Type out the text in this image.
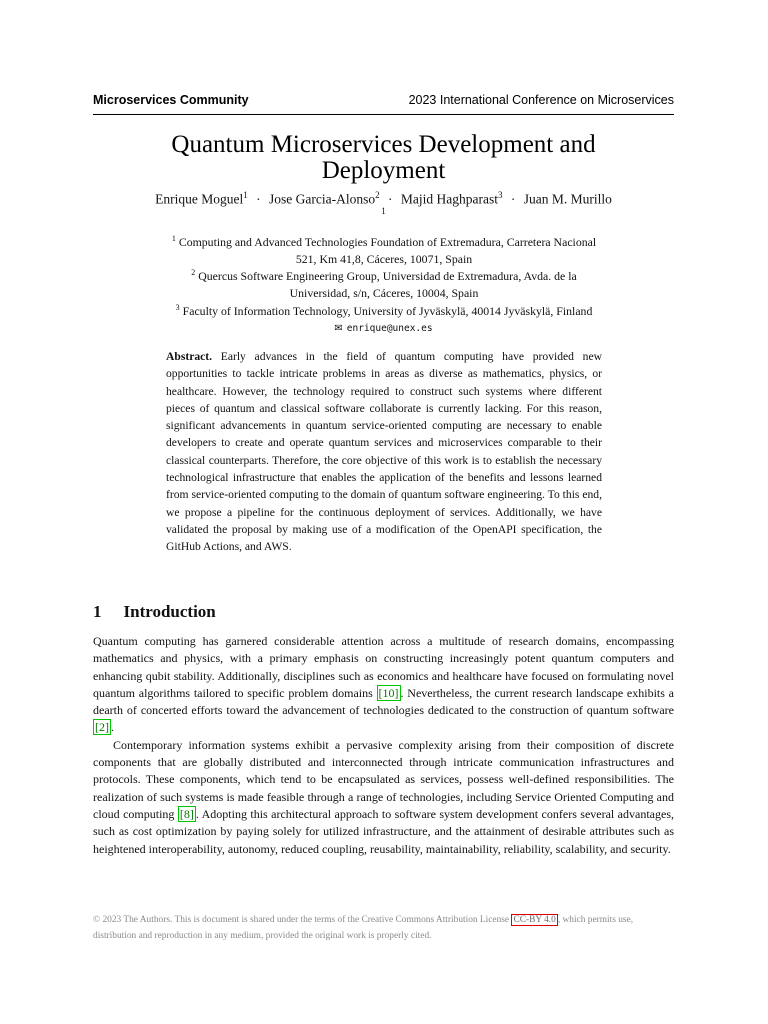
Microservices Community	2023 International Conference on Microservices
Quantum Microservices Development and
Deployment
Enrique Moguel$^1$ · Jose Garcia-Alonso$^2$ · Majid Haghparast$^3$ · Juan M. Murillo
1
$^1$ Computing and Advanced Technologies Foundation of Extremadura, Carretera Nacional
521, Km 41,8, Cáceres, 10071, Spain
$^2$ Quercus Software Engineering Group, Universidad de Extremadura, Avda. de la
Universidad, s/n, Cáceres, 10004, Spain
$^3$ Faculty of Information Technology, University of Jyväskylä, 40014 Jyväskylä, Finland
✉ enrique@unex.es
Abstract. Early advances in the field of quantum computing have provided new opportunities to tackle intricate problems in areas as diverse as mathematics, physics, or healthcare. However, the technology required to construct such systems where different pieces of quantum and classical software collaborate is currently lacking. For this reason, significant advancements in quantum service-oriented computing are necessary to enable developers to create and operate quantum services and microservices comparable to their classical counterparts. Therefore, the core objective of this work is to establish the necessary technological infrastructure that enables the application of the benefits and lessons learned from service-oriented computing to the domain of quantum software engineering. To this end, we propose a pipeline for the continuous deployment of services. Additionally, we have validated the proposal by making use of a modification of the OpenAPI specification, the GitHub Actions, and AWS.
1 Introduction

Quantum computing has garnered considerable attention across a multitude of research domains, encompassing mathematics and physics, with a primary emphasis on constructing increasingly potent quantum computers and enhancing qubit stability. Additionally, disciplines such as economics and healthcare have focused on formulating novel quantum algorithms tailored to specific problem domains [10] . Nevertheless, the current research landscape exhibits a dearth of concerted efforts toward the advancement of technologies dedicated to the construction of quantum software [2] .

Contemporary information systems exhibit a pervasive complexity arising from their composition of discrete components that are globally distributed and interconnected through intricate communication infrastructures and protocols. These components, which tend to be encapsulated as services, possess well-defined responsibilities. The realization of such systems is made feasible through a range of technologies, including Service Oriented Computing and cloud computing [8] . Adopting this architectural approach to software system development confers several advantages, such as cost optimization by paying solely for utilized infrastructure, and the attainment of desirable attributes such as heightened interoperability, autonomy, reduced coupling, reusability, maintainability, reliability, scalability, and security.

© 2023 The Authors. This is document is shared under the terms of the Creative Commons Attribution License CC-BY 4.0 , which permits use, distribution and reproduction in any medium, provided the original work is properly cited.
